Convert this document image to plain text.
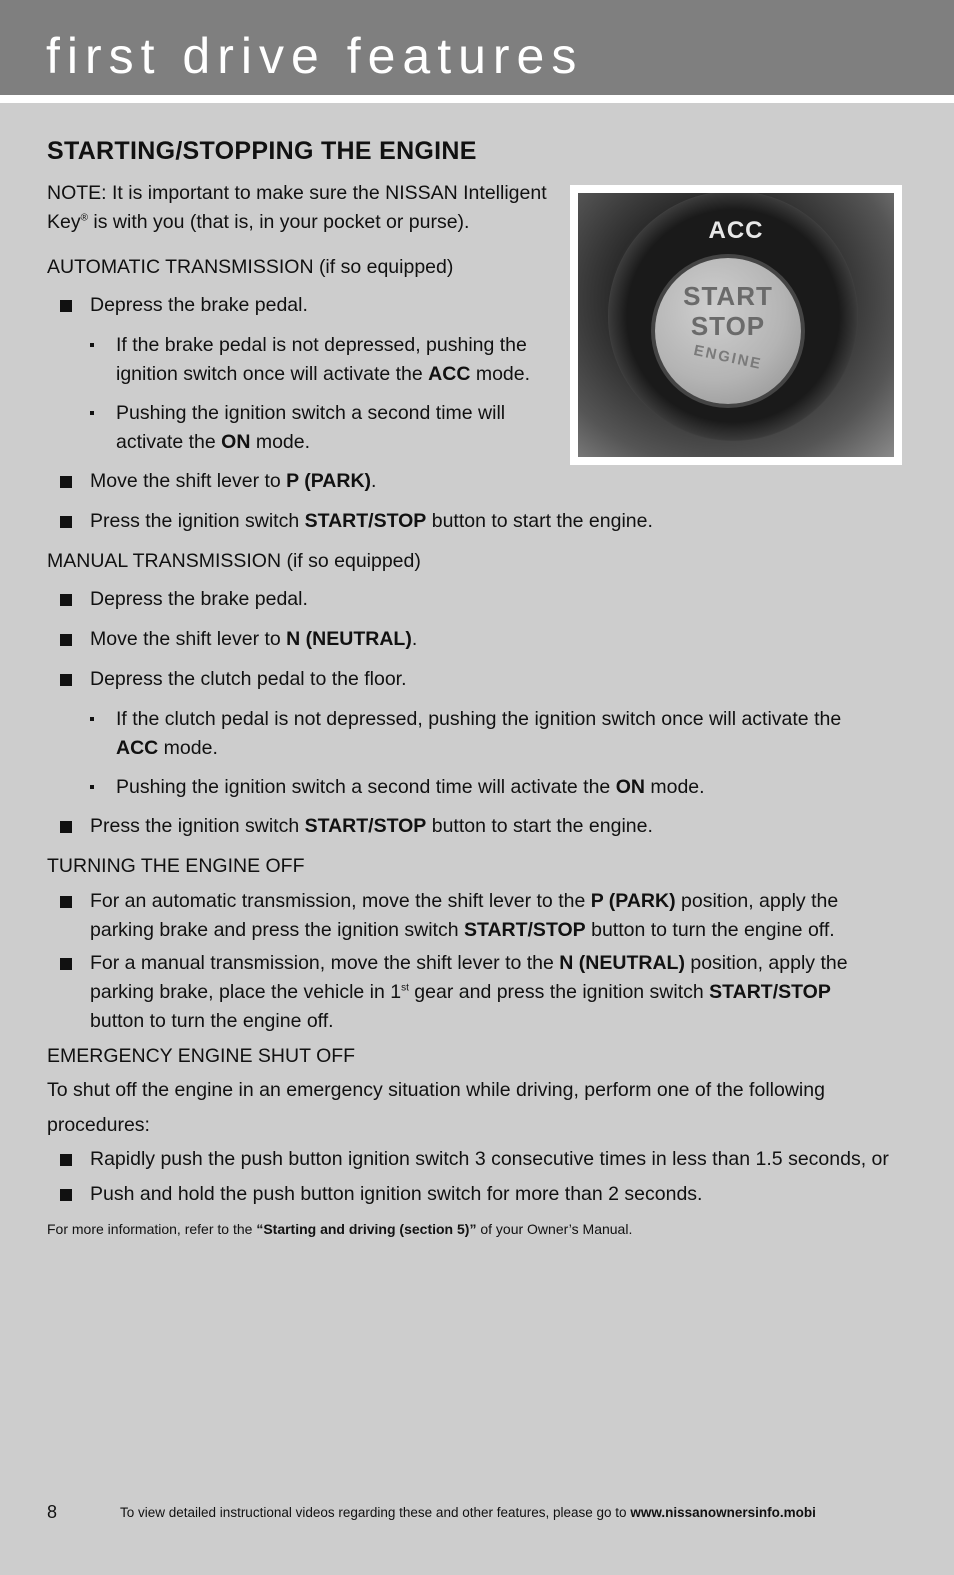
first drive features
ACC
START
STOP
ENGINE
STARTING/STOPPING THE ENGINE

NOTE: It is important to make sure the NISSAN Intelligent Key® is with you (that is, in your pocket or purse).

AUTOMATIC TRANSMISSION (if so equipped)

Depress the brake pedal.
If the brake pedal is not depressed, pushing the ignition switch once will activate the ACC mode.
Pushing the ignition switch a second time will activate the ON mode.
Move the shift lever to P (PARK).
Press the ignition switch START/STOP button to start the engine.

MANUAL TRANSMISSION (if so equipped)

Depress the brake pedal.
Move the shift lever to N (NEUTRAL).
Depress the clutch pedal to the floor.
If the clutch pedal is not depressed, pushing the ignition switch once will activate the ACC mode.
Pushing the ignition switch a second time will activate the ON mode.
Press the ignition switch START/STOP button to start the engine.

TURNING THE ENGINE OFF

For an automatic transmission, move the shift lever to the P (PARK) position, apply the parking brake and press the ignition switch START/STOP button to turn the engine off.
For a manual transmission, move the shift lever to the N (NEUTRAL) position, apply the parking brake, place the vehicle in 1st gear and press the ignition switch START/STOP button to turn the engine off.

EMERGENCY ENGINE SHUT OFF

To shut off the engine in an emergency situation while driving, perform one of the following procedures:

Rapidly push the push button ignition switch 3 consecutive times in less than 1.5 seconds, or
Push and hold the push button ignition switch for more than 2 seconds.

For more information, refer to the “Starting and driving (section 5)” of your Owner’s Manual.

8	To view detailed instructional videos regarding these and other features, please go to www.nissanownersinfo.mobi
